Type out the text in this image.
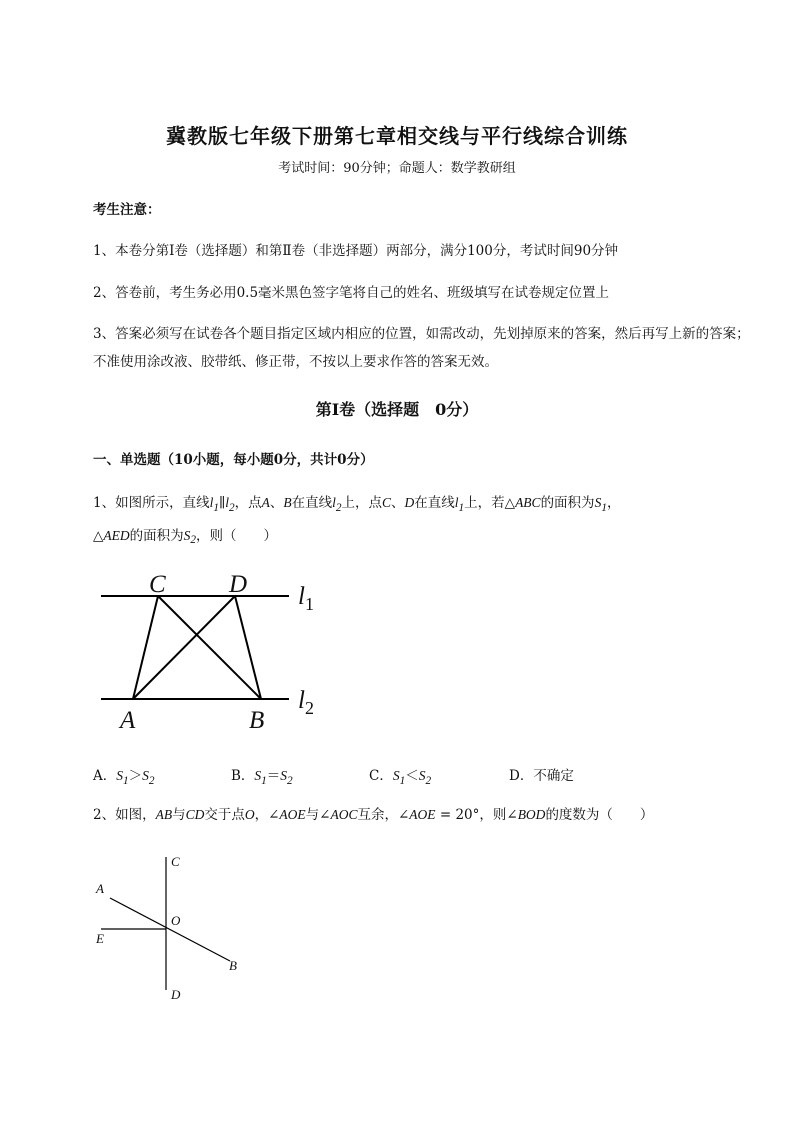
冀教版七年级下册第七章相交线与平行线综合训练
考试时间：90分钟；命题人：数学教研组
考生注意：
1、本卷分第I卷（选择题）和第Ⅱ卷（非选择题）两部分，满分100分，考试时间90分钟
2、答卷前，考生务必用0.5毫米黑色签字笔将自己的姓名、班级填写在试卷规定位置上
3、答案必须写在试卷各个题目指定区域内相应的位置，如需改动，先划掉原来的答案，然后再写上新的答案；不准使用涂改液、胶带纸、修正带，不按以上要求作答的答案无效。
第I卷（选择题　0分）
一、单选题（10小题，每小题0分，共计0分）
1、如图所示，直线$l_1\parallel l_2$，点A、B在直线$l_2$上，点C、D在直线$l_1$上，若△ABC的面积为$S_1$，
△AED的面积为$S_2$，则（　　）
C	D
A	B
$l_1$
$l_2$
A．$S_1>S_2$	B．$S_1=S_2$	C．$S_1<S_2$	D．不确定
2、如图，AB与CD交于点O，∠AOE与∠AOC互余，∠AOE = 20°，则∠BOD的度数为（　　）
C
A
O
E
B
D
